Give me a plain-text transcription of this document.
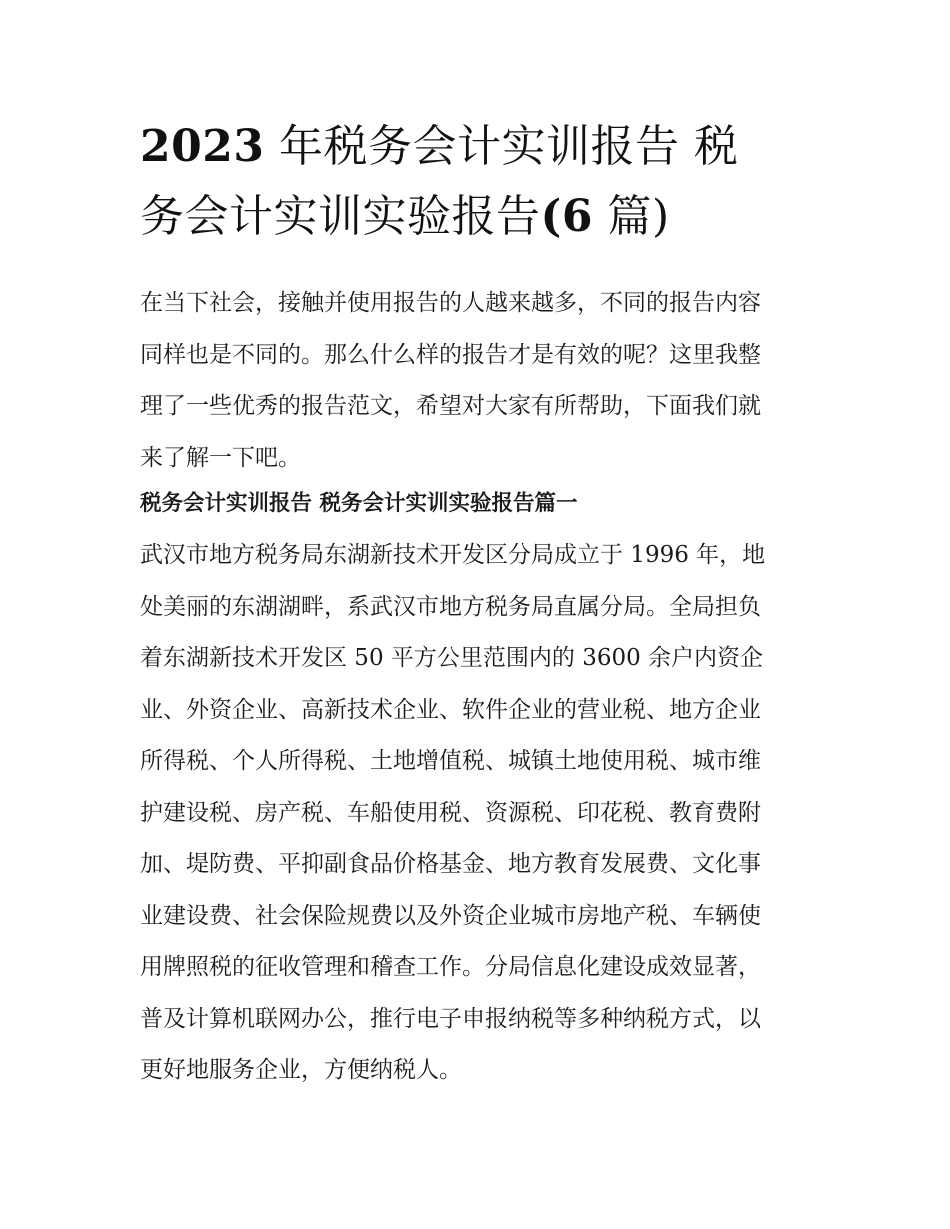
2023 年税务会计实训报告 税
务会计实训实验报告(6 篇)

在当下社会，接触并使用报告的人越来越多，不同的报告内容
同样也是不同的。那么什么样的报告才是有效的呢？这里我整
理了一些优秀的报告范文，希望对大家有所帮助，下面我们就
来了解一下吧。

税务会计实训报告 税务会计实训实验报告篇一

武汉市地方税务局东湖新技术开发区分局成立于 1996 年，地
处美丽的东湖湖畔，系武汉市地方税务局直属分局。全局担负
着东湖新技术开发区 50 平方公里范围内的 3600 余户内资企
业、外资企业、高新技术企业、软件企业的营业税、地方企业
所得税、个人所得税、土地增值税、城镇土地使用税、城市维
护建设税、房产税、车船使用税、资源税、印花税、教育费附
加、堤防费、平抑副食品价格基金、地方教育发展费、文化事
业建设费、社会保险规费以及外资企业城市房地产税、车辆使
用牌照税的征收管理和稽查工作。分局信息化建设成效显著，
普及计算机联网办公，推行电子申报纳税等多种纳税方式，以
更好地服务企业，方便纳税人。
